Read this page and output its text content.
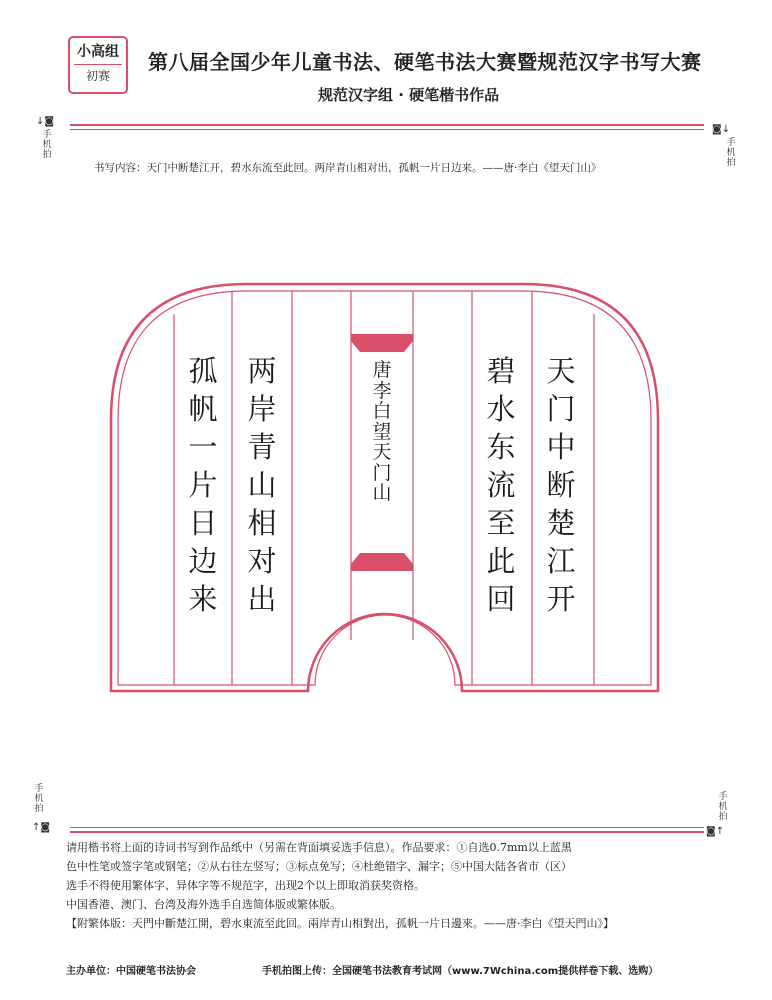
小高组
初赛
第八届全国少年儿童书法、硬笔书法大赛暨规范汉字书写大赛
规范汉字组 · 硬笔楷书作品
↓◙
手机拍
◙↓
手机拍
书写内容：天门中断楚江开，碧水东流至此回。两岸青山相对出，孤帆一片日边来。——唐·李白《望天门山》
天
门
中
断
楚
江
开
碧
水
东
流
至
此
回
唐
李
白
望
天
门
山
两
岸
青
山
相
对
出
孤
帆
一
片
日
边
来
手机拍
↑◙
手机拍
◙↑

请用楷书将上面的诗词书写到作品纸中（另需在背面填妥选手信息）。作品要求：①自选0.7mm以上蓝黑

色中性笔或签字笔或钢笔；②从右往左竖写；③标点免写；④杜绝错字、漏字；⑤中国大陆各省市（区）

选手不得使用繁体字、异体字等不规范字，出现2个以上即取消获奖资格。

中国香港、澳门、台湾及海外选手自选简体版或繁体版。

【附繁体版：天門中斷楚江開，碧水東流至此回。兩岸青山相對出，孤帆一片日邊來。——唐·李白《望天門山》】

主办单位：中国硬笔书法协会	手机拍图上传：全国硬笔书法教育考试网（www.7Wchina.com提供样卷下载、选购）
